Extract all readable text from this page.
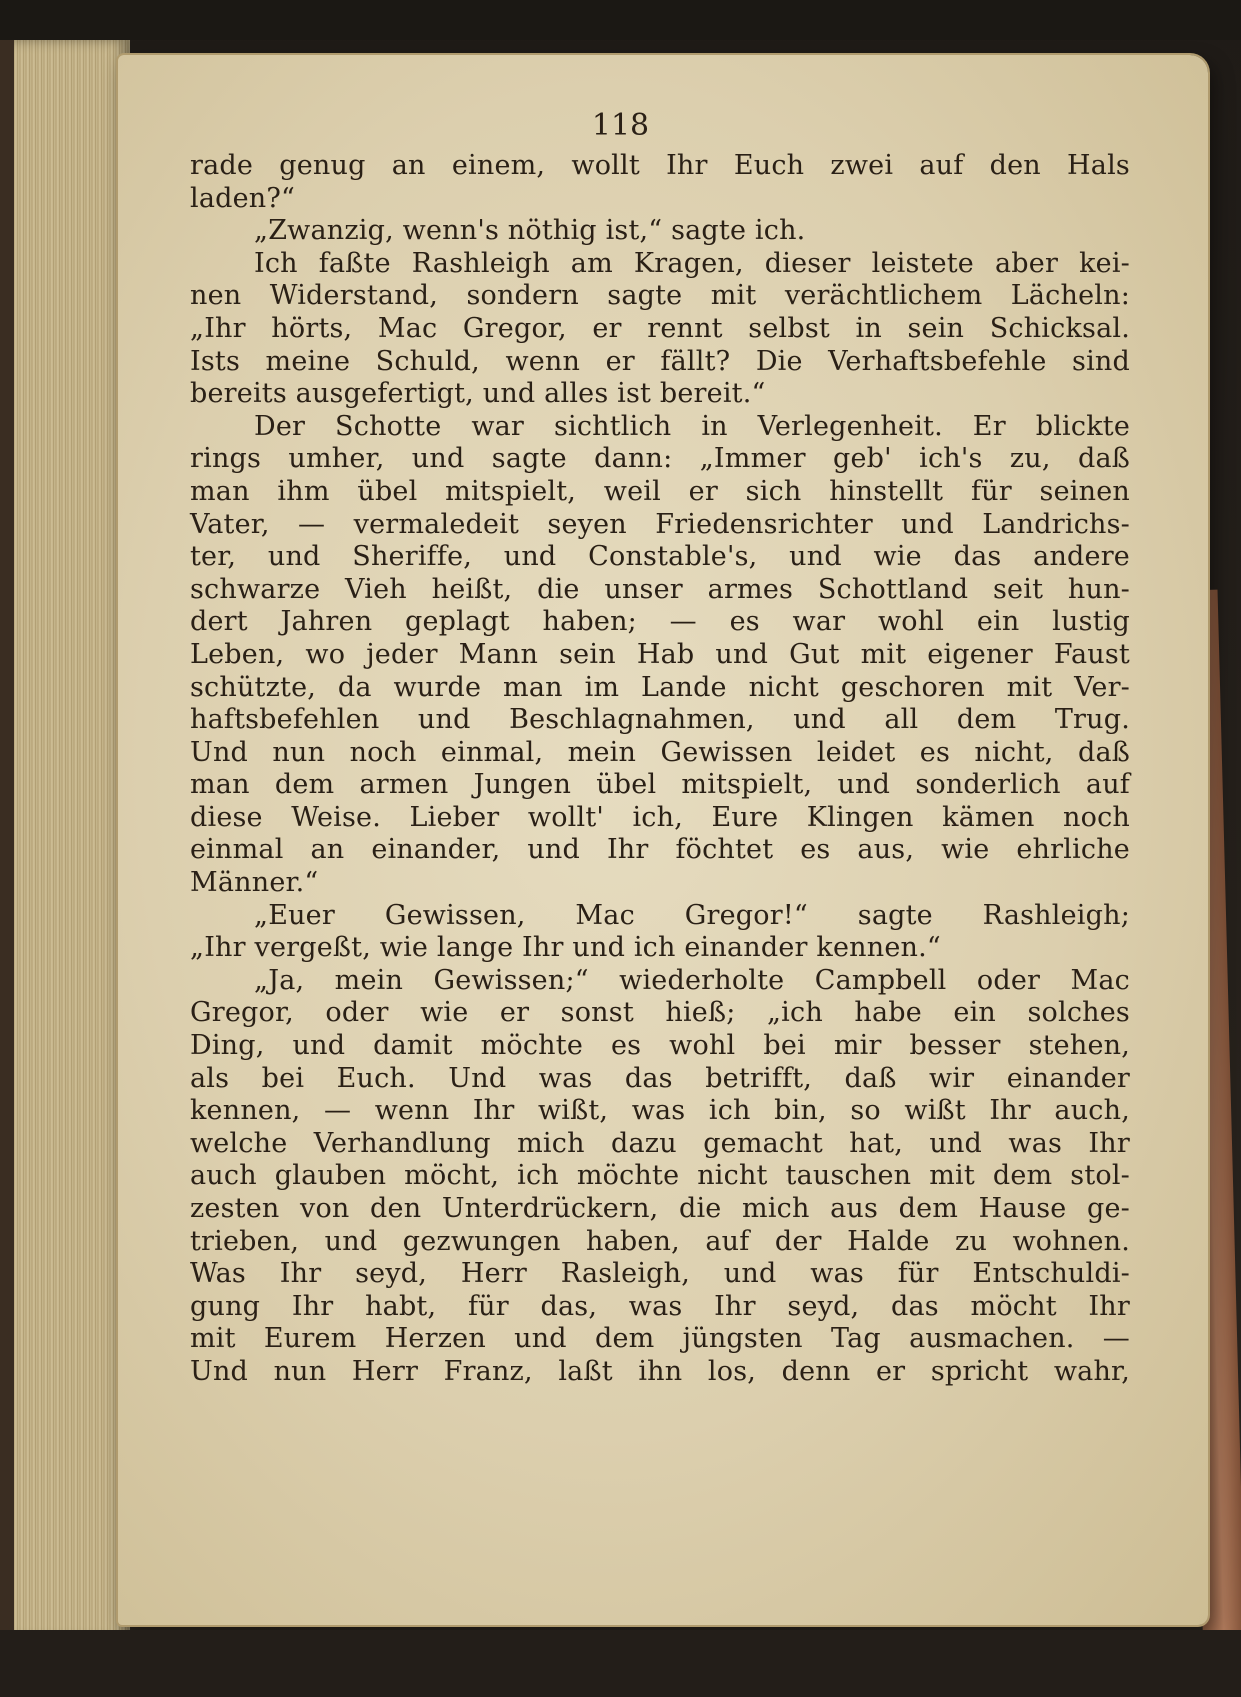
118
rade genug an einem, wollt Ihr Euch zwei auf den Hals
laden?“
„Zwanzig, wenn's nöthig ist,“ sagte ich.
Ich faßte Rashleigh am Kragen, dieser leistete aber kei-
nen Widerstand, sondern sagte mit verächtlichem Lächeln:
„Ihr hörts, Mac Gregor, er rennt selbst in sein Schicksal.
Ists meine Schuld, wenn er fällt? Die Verhaftsbefehle sind
bereits ausgefertigt, und alles ist bereit.“
Der Schotte war sichtlich in Verlegenheit. Er blickte
rings umher, und sagte dann: „Immer geb' ich's zu, daß
man ihm übel mitspielt, weil er sich hinstellt für seinen
Vater, — vermaledeit seyen Friedensrichter und Landrichs-
ter, und Sheriffe, und Constable's, und wie das andere
schwarze Vieh heißt, die unser armes Schottland seit hun-
dert Jahren geplagt haben; — es war wohl ein lustig
Leben, wo jeder Mann sein Hab und Gut mit eigener Faust
schützte, da wurde man im Lande nicht geschoren mit Ver-
haftsbefehlen und Beschlagnahmen, und all dem Trug.
Und nun noch einmal, mein Gewissen leidet es nicht, daß
man dem armen Jungen übel mitspielt, und sonderlich auf
diese Weise. Lieber wollt' ich, Eure Klingen kämen noch
einmal an einander, und Ihr föchtet es aus, wie ehrliche
Männer.“
„Euer Gewissen, Mac Gregor!“ sagte Rashleigh;
„Ihr vergeßt, wie lange Ihr und ich einander kennen.“
„Ja, mein Gewissen;“ wiederholte Campbell oder Mac
Gregor, oder wie er sonst hieß; „ich habe ein solches
Ding, und damit möchte es wohl bei mir besser stehen,
als bei Euch. Und was das betrifft, daß wir einander
kennen, — wenn Ihr wißt, was ich bin, so wißt Ihr auch,
welche Verhandlung mich dazu gemacht hat, und was Ihr
auch glauben möcht, ich möchte nicht tauschen mit dem stol-
zesten von den Unterdrückern, die mich aus dem Hause ge-
trieben, und gezwungen haben, auf der Halde zu wohnen.
Was Ihr seyd, Herr Rasleigh, und was für Entschuldi-
gung Ihr habt, für das, was Ihr seyd, das möcht Ihr
mit Eurem Herzen und dem jüngsten Tag ausmachen. —
Und nun Herr Franz, laßt ihn los, denn er spricht wahr,
